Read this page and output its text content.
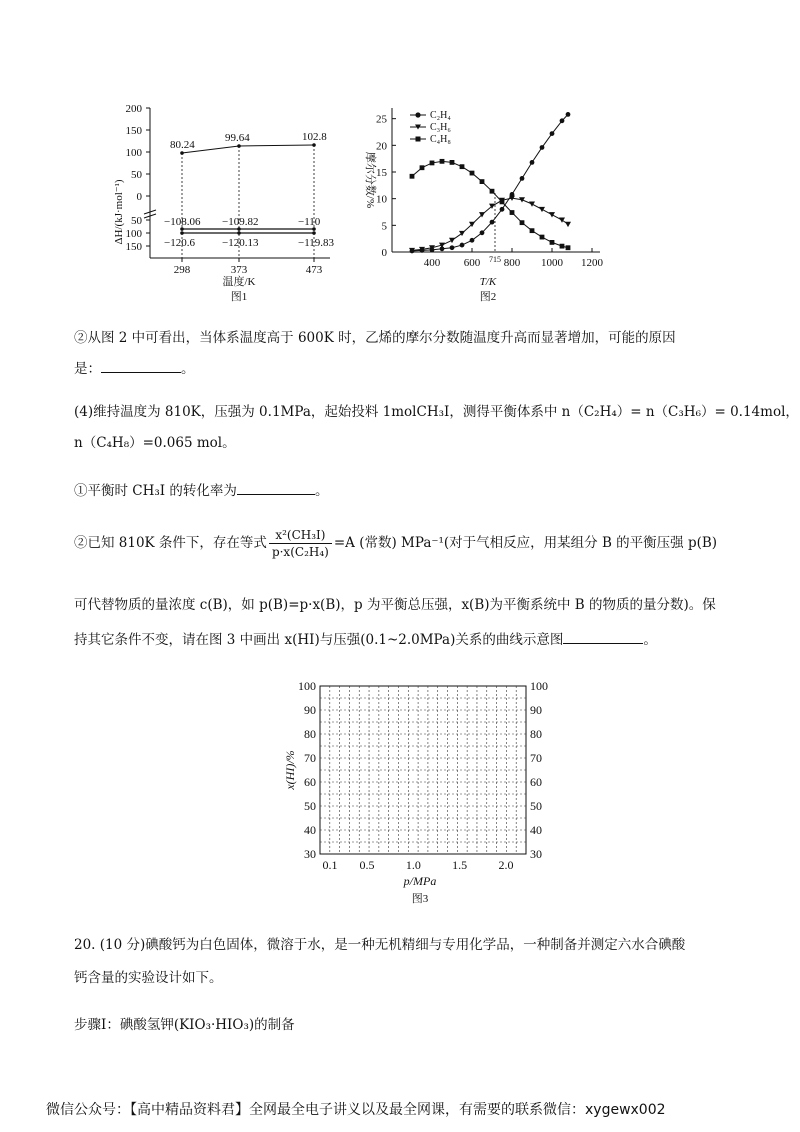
200
150
100
50
0
50
100
150
298	373	473
80.24
99.64	102.8
−108.06 −109.82	−110
−120.6 −120.13	−119.83
ΔH/(kJ·mol⁻¹)
温度/K
图1
25
20
15
10
5
0
400 600 800 1000 1200
715
C₂H₄
C₃H₆
C₄H₈
摩尔分数/%
T/K
图2
②从图 2 中可看出，当体系温度高于 600K 时，乙烯的摩尔分数随温度升高而显著增加，可能的原因
是：	。
(4)维持温度为 810K，压强为 0.1MPa，起始投料 1molCH₃I，测得平衡体系中 n（C₂H₄）= n（C₃H₆）= 0.14mol，
n（C₄H₈）=0.065 mol。
①平衡时 CH₃I 的转化率为	。
②已知 810K 条件下，存在等式 $\frac{\text{x²(CH₃I)}}{\text{p·x(C₂H₄)}} =A$ (常数) MPa⁻¹(对于气相反应，用某组分 B 的平衡压强 p(B)
可代替物质的量浓度 c(B)，如 p(B)=p·x(B)，p 为平衡总压强，x(B)为平衡系统中 B 的物质的量分数)。保
持其它条件不变，请在图 3 中画出 x(HI)与压强(0.1~2.0MPa)关系的曲线示意图	。
100	100
90	90
80	80
70	70
60	60
50	50
40	40
30	30
0.1 0.5	1.0	1.5	2.0
x(HI)/%
p/MPa
图3
20. (10 分)碘酸钙为白色固体，微溶于水，是一种无机精细与专用化学品，一种制备并测定六水合碘酸
钙含量的实验设计如下。
步骤Ⅰ：碘酸氢钾(KIO₃·HIO₃)的制备
微信公众号：【高中精品资料君】全网最全电子讲义以及最全网课，有需要的联系微信：xygewx002
